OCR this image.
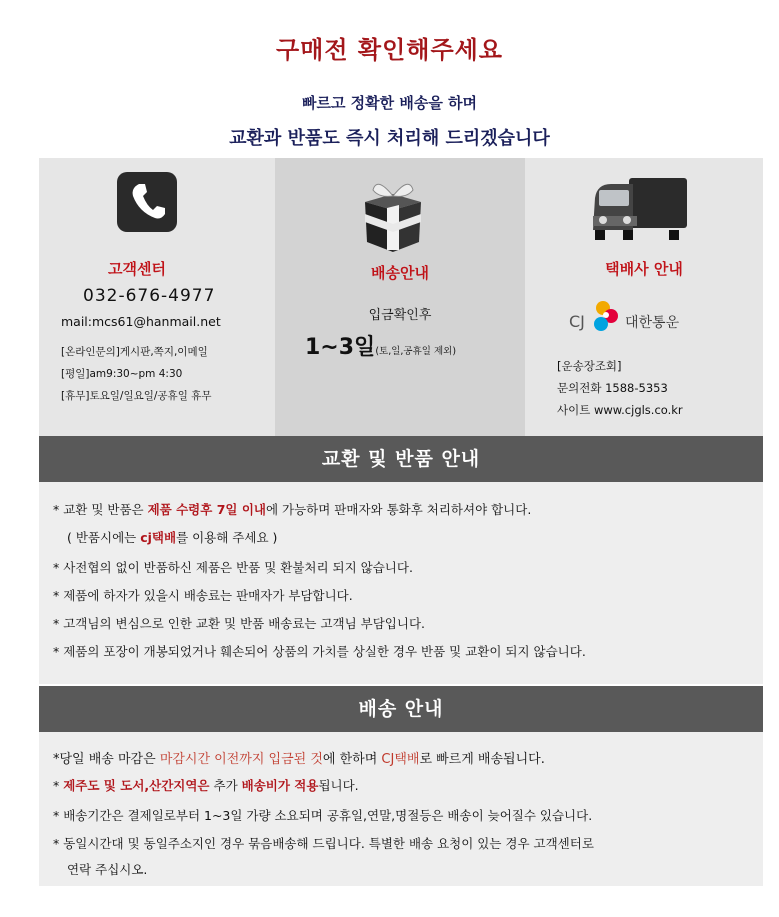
구매전 확인해주세요
빠르고 정확한 배송을 하며
교환과 반품도 즉시 처리해 드리겠습니다
고객센터
032-676-4977
mail:mcs61@hanmail.net
[온라인문의]게시판,쪽지,이메일
[평일]am9:30~pm 4:30
[휴무]토요일/일요일/공휴일 휴무
배송안내
입금확인후
1~3일(토,일,공휴일 제외)
택배사 안내
CJ	대한통운
[운송장조회]
문의전화 1588-5353
사이트 www.cjgls.co.kr
교환 및 반품 안내
* 교환 및 반품은 제품 수령후 7일 이내에 가능하며 판매자와 통화후 처리하셔야 합니다.
( 반품시에는 cj택배를 이용해 주세요 )
* 사전협의 없이 반품하신 제품은 반품 및 환불처리 되지 않습니다.
* 제품에 하자가 있을시 배송료는 판매자가 부담합니다.
* 고객님의 변심으로 인한 교환 및 반품 배송료는 고객님 부담입니다.
* 제품의 포장이 개봉되었거나 훼손되어 상품의 가치를 상실한 경우 반품 및 교환이 되지 않습니다.
배송 안내
*당일 배송 마감은 마감시간 이전까지 입금된 것에 한하며 CJ택배로 빠르게 배송됩니다.
* 제주도 및 도서,산간지역은 추가 배송비가 적용됩니다.
* 배송기간은 결제일로부터 1~3일 가량 소요되며 공휴일,연말,명절등은 배송이 늦어질수 있습니다.
* 동일시간대 및 동일주소지인 경우 묶음배송해 드립니다. 특별한 배송 요청이 있는 경우 고객센터로
연락 주십시오.
